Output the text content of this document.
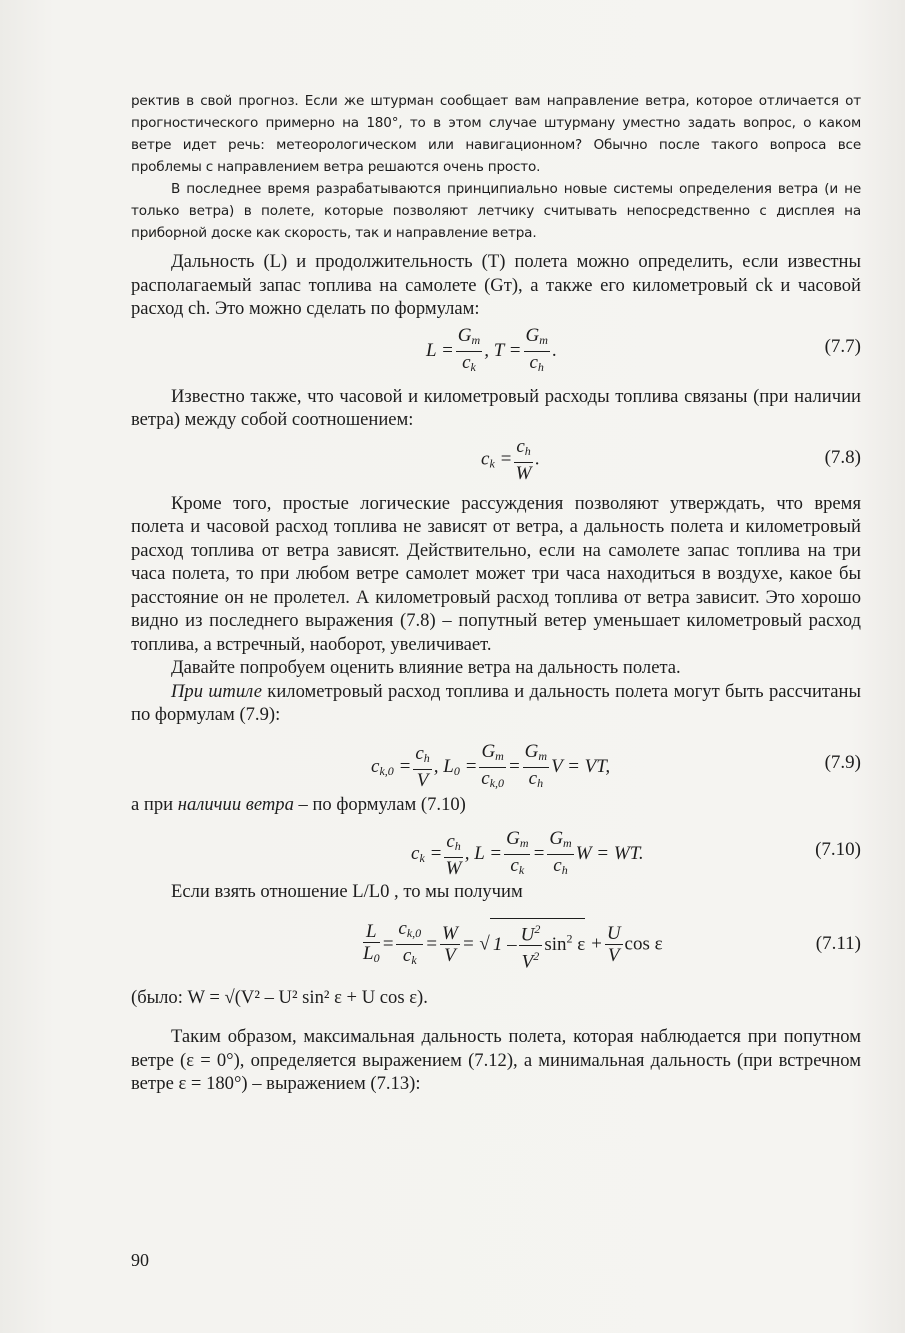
ректив в свой прогноз. Если же штурман сообщает вам направление ветра, которое отличается от прогностического примерно на 180°, то в этом случае штурману уместно задать вопрос, о каком ветре идет речь: метеорологическом или навигационном? Обычно после такого вопроса все проблемы с направлением ветра решаются очень просто.

В последнее время разрабатываются принципиально новые системы определения ветра (и не только ветра) в полете, которые позволяют летчику считывать непосредственно с дисплея на приборной доске как скорость, так и направление ветра.

Дальность (L) и продолжительность (T) полета можно определить, если известны располагаемый запас топлива на самолете (Gт), а также его километровый ck и часовой расход ch. Это можно сделать по формулам:

$L = \frac{G_т}{c_k}$ , $T = \frac{G_т}{c_h}$ .	(7.7)

Известно также, что часовой и километровый расходы топлива связаны (при наличии ветра) между собой соотношением:

$c_k = \frac{c_h}{W}$ .	(7.8)

Кроме того, простые логические рассуждения позволяют утверждать, что время полета и часовой расход топлива не зависят от ветра, а дальность полета и километровый расход топлива от ветра зависят. Действительно, если на самолете запас топлива на три часа полета, то при любом ветре самолет может три часа находиться в воздухе, какое бы расстояние он не пролетел. А километровый расход топлива от ветра зависит. Это хорошо видно из последнего выражения (7.8) – попутный ветер уменьшает километровый расход топлива, а встречный, наоборот, увеличивает.

Давайте попробуем оценить влияние ветра на дальность полета.

При штиле километровый расход топлива и дальность полета могут быть рассчитаны по формулам (7.9):

$c_{k,0} = \frac{c_h}{V}$ , $L_0 = \frac{G_т}{c_{k,0}} = \frac{G_т}{c_h}$ V = VT,	(7.9)

а при наличии ветра – по формулам (7.10)

$c_k = \frac{c_h}{W}$ , $L = \frac{G_т}{c_k} = \frac{G_т}{c_h}$ W = WT.	(7.10)

Если взять отношение L/L0 , то мы получим

$\frac{L}{L_0} = \frac{c_{k,0}}{c_k} = \frac{W}{V}$ = √ $1 - \frac{U^2}{V^2} \sin^2 \varepsilon + \frac{U}{V}$ cos ε	(7.11)

(было: W = √(V² – U² sin² ε + U cos ε).

Таким образом, максимальная дальность полета, которая наблюдается при попутном ветре (ε = 0°), определяется выражением (7.12), а минимальная дальность (при встречном ветре ε = 180°) – выражением (7.13):

90
